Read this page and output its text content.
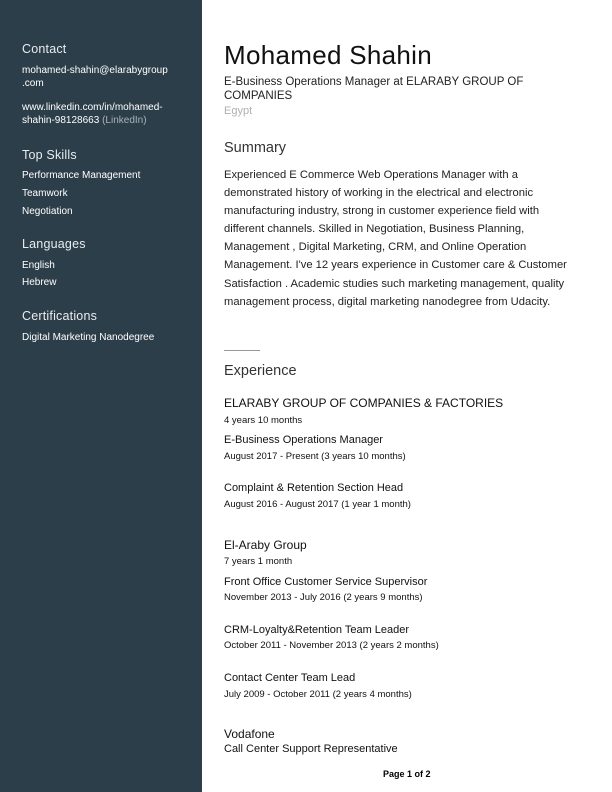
Contact

mohamed-shahin@elarabygroup
.com

www.linkedin.com/in/mohamed-
shahin-98128663 (LinkedIn)

Top Skills

Performance Management

Teamwork

Negotiation

Languages

English

Hebrew

Certifications

Digital Marketing Nanodegree

Mohamed Shahin

E-Business Operations Manager at ELARABY GROUP OF COMPANIES

Egypt

Summary

Experienced E Commerce Web Operations Manager with a demonstrated history of working in the electrical and electronic manufacturing industry, strong in customer experience field with different channels. Skilled in Negotiation, Business Planning, Management , Digital Marketing, CRM, and Online Operation Management. I've 12 years experience in Customer care & Customer Satisfaction . Academic studies such marketing management, quality management process, digital marketing nanodegree from Udacity.

Experience

ELARABY GROUP OF COMPANIES & FACTORIES

4 years 10 months

E-Business Operations Manager

August 2017 - Present (3 years 10 months)

Complaint & Retention Section Head

August 2016 - August 2017 (1 year 1 month)

El-Araby Group

7 years 1 month

Front Office Customer Service Supervisor

November 2013 - July 2016 (2 years 9 months)

CRM-Loyalty&Retention Team Leader

October 2011 - November 2013 (2 years 2 months)

Contact Center Team Lead

July 2009 - October 2011 (2 years 4 months)

Vodafone

Call Center Support Representative

Page 1 of 2
